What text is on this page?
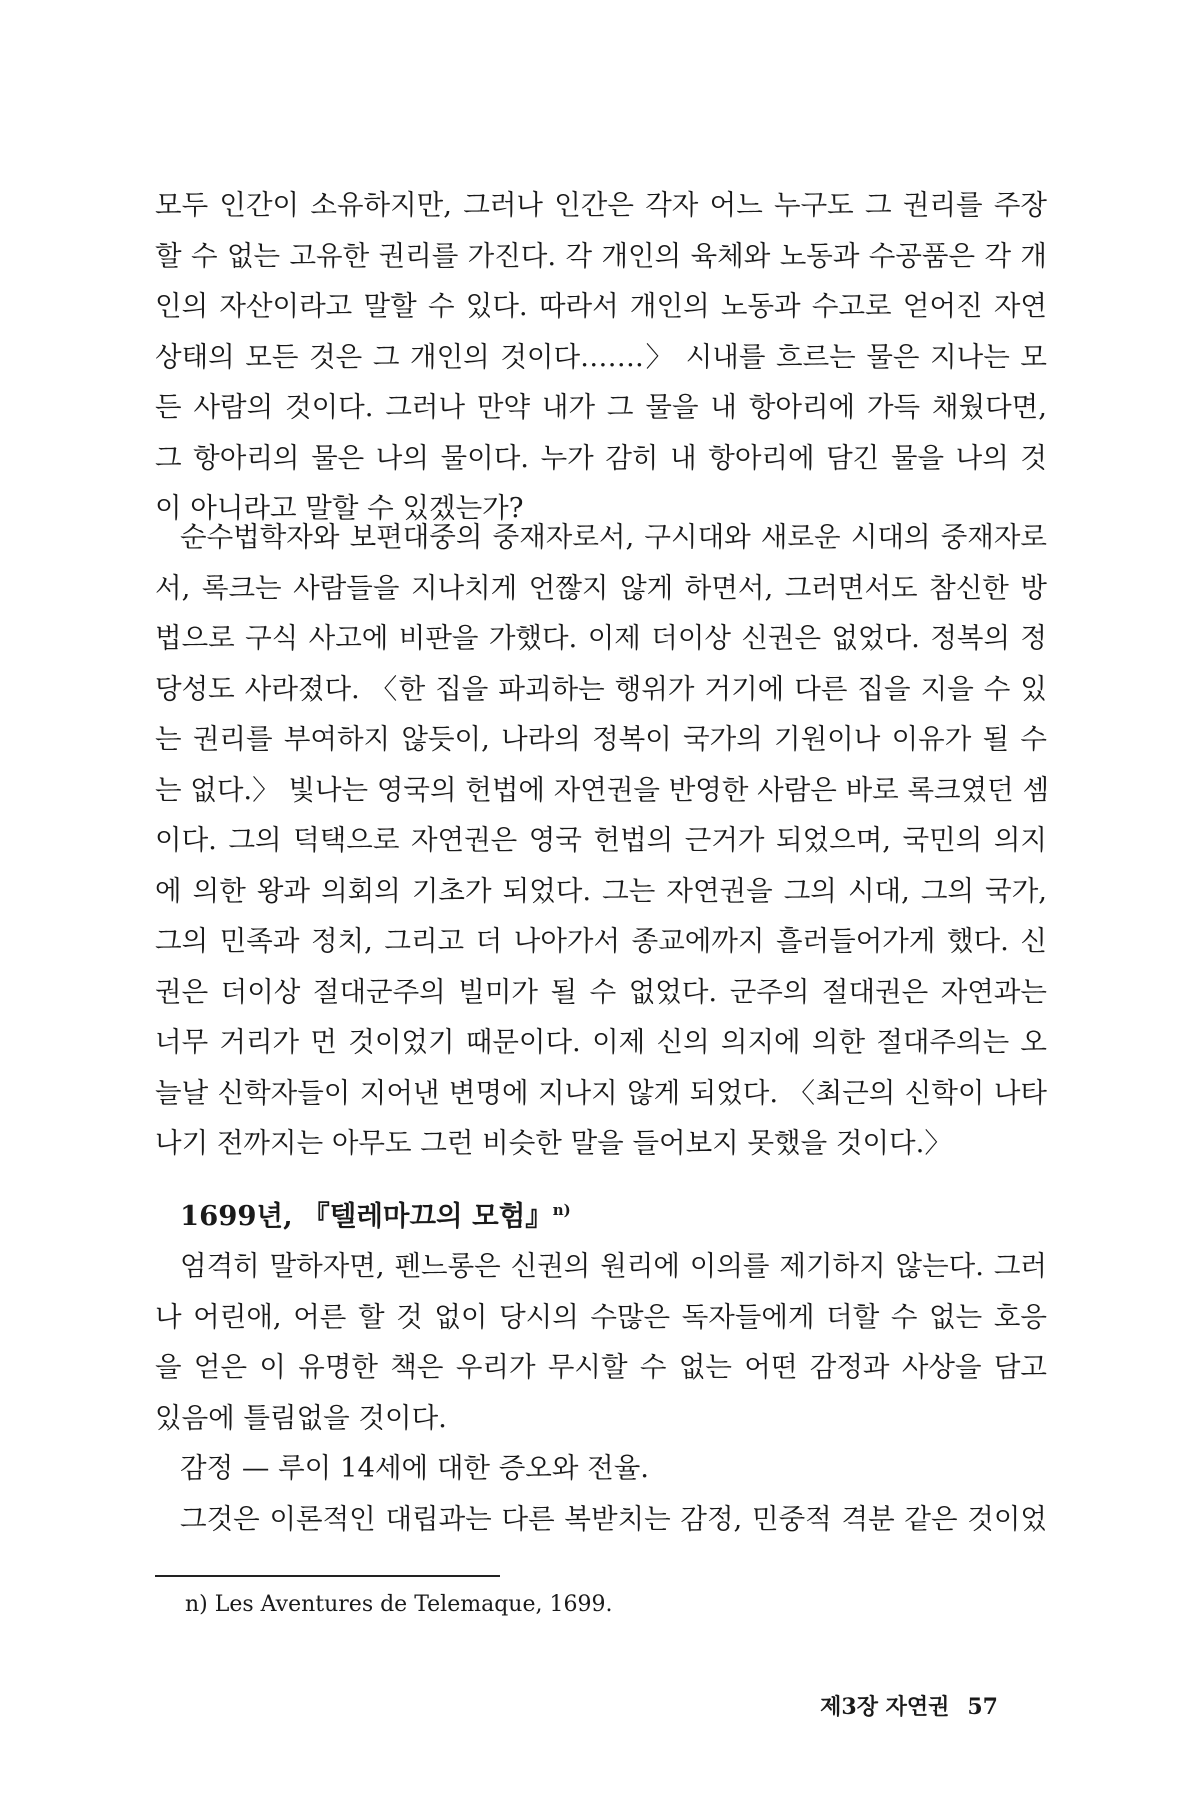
모두 인간이 소유하지만, 그러나 인간은 각자 어느 누구도 그 권리를 주장

할 수 없는 고유한 권리를 가진다. 각 개인의 육체와 노동과 수공품은 각 개

인의 자산이라고 말할 수 있다. 따라서 개인의 노동과 수고로 얻어진 자연

상태의 모든 것은 그 개인의 것이다…….〉 시내를 흐르는 물은 지나는 모

든 사람의 것이다. 그러나 만약 내가 그 물을 내 항아리에 가득 채웠다면,

그 항아리의 물은 나의 물이다. 누가 감히 내 항아리에 담긴 물을 나의 것

이 아니라고 말할 수 있겠는가?

순수법학자와 보편대중의 중재자로서, 구시대와 새로운 시대의 중재자로

서, 록크는 사람들을 지나치게 언짢지 않게 하면서, 그러면서도 참신한 방

법으로 구식 사고에 비판을 가했다. 이제 더이상 신권은 없었다. 정복의 정

당성도 사라졌다. 〈한 집을 파괴하는 행위가 거기에 다른 집을 지을 수 있

는 권리를 부여하지 않듯이, 나라의 정복이 국가의 기원이나 이유가 될 수

는 없다.〉 빛나는 영국의 헌법에 자연권을 반영한 사람은 바로 록크였던 셈

이다. 그의 덕택으로 자연권은 영국 헌법의 근거가 되었으며, 국민의 의지

에 의한 왕과 의회의 기초가 되었다. 그는 자연권을 그의 시대, 그의 국가,

그의 민족과 정치, 그리고 더 나아가서 종교에까지 흘러들어가게 했다. 신

권은 더이상 절대군주의 빌미가 될 수 없었다. 군주의 절대권은 자연과는

너무 거리가 먼 것이었기 때문이다. 이제 신의 의지에 의한 절대주의는 오

늘날 신학자들이 지어낸 변명에 지나지 않게 되었다. 〈최근의 신학이 나타

나기 전까지는 아무도 그런 비슷한 말을 들어보지 못했을 것이다.〉

1699년, 『텔레마끄의 모험』$^{n)}$

엄격히 말하자면, 펜느롱은 신권의 원리에 이의를 제기하지 않는다. 그러

나 어린애, 어른 할 것 없이 당시의 수많은 독자들에게 더할 수 없는 호응

을 얻은 이 유명한 책은 우리가 무시할 수 없는 어떤 감정과 사상을 담고

있음에 틀림없을 것이다.

감정 — 루이 14세에 대한 증오와 전율.

그것은 이론적인 대립과는 다른 복받치는 감정, 민중적 격분 같은 것이었

n) Les Aventures de Telemaque, 1699.

제3장 자연권 57
